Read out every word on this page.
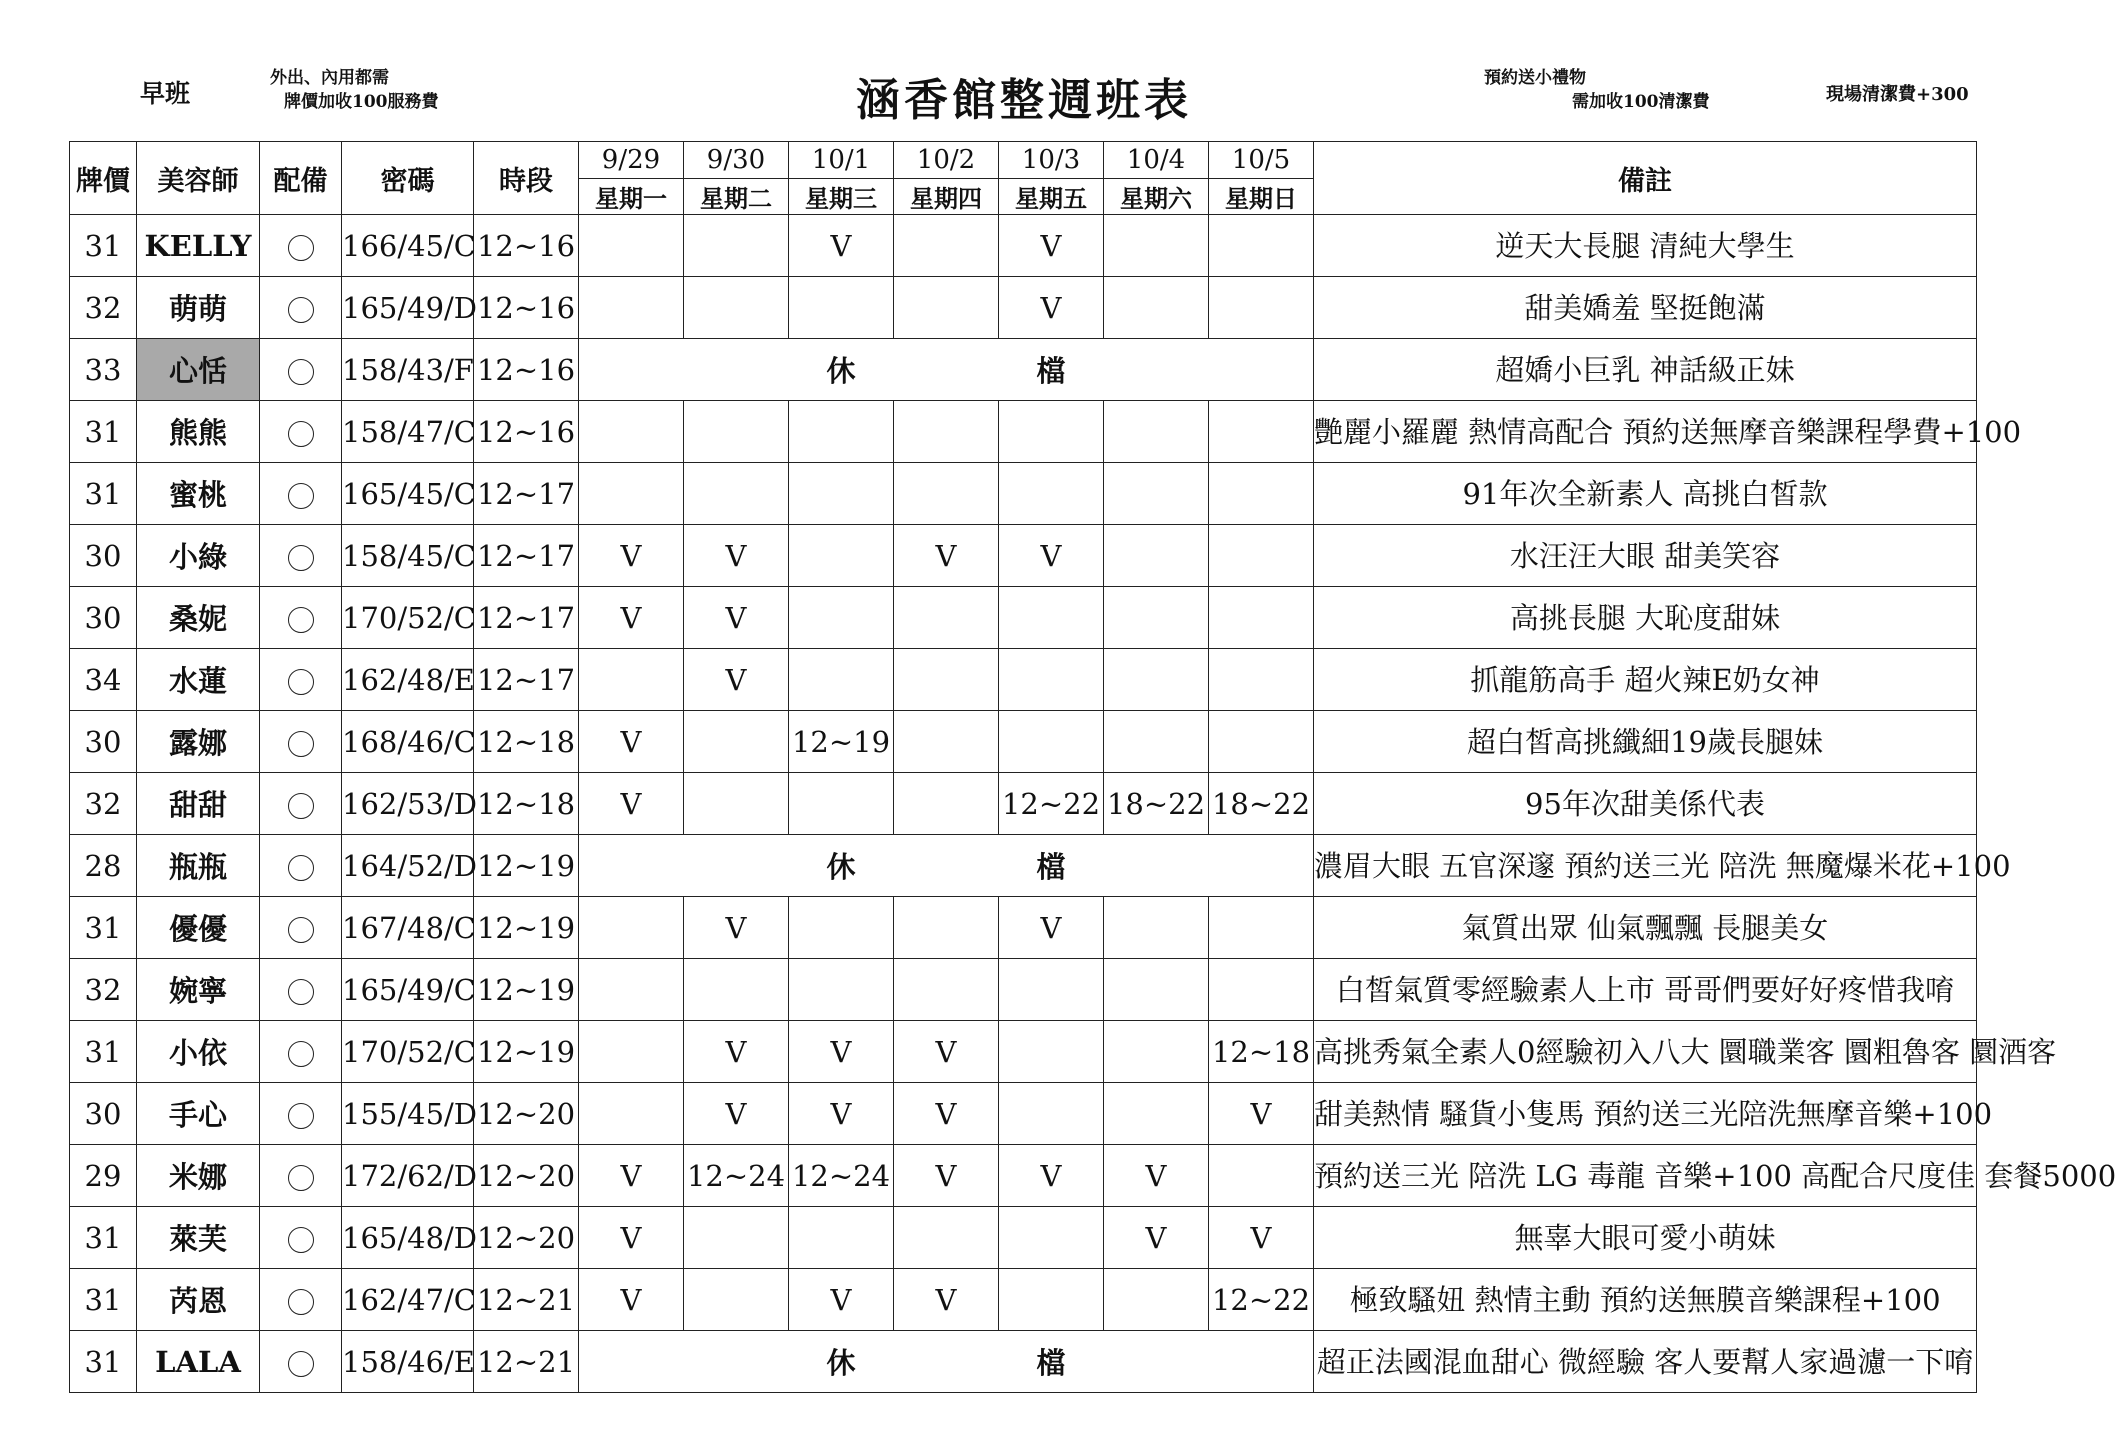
早班
外出、內用都需
牌價加收100服務費	涵香館整週班表	預約送小禮物
需加收100清潔費	現場清潔費+300
牌價	美容師	配備	密碼	時段	9/29	9/30	10/1	10/2	10/3	10/4	10/5	備註
					星期一	星期二	星期三	星期四	星期五	星期六	星期日	
31	KELLY		166/45/C	12~16			V		V			逆天大長腿 清純大學生
32	萌萌		165/49/D	12~16					V			甜美嬌羞 堅挺飽滿
33	心恬		158/43/F	12~16			休		檔			超嬌小巨乳 神話級正妹
31	熊熊		158/47/C	12~16								艷麗小羅麗 熱情高配合 預約送無摩音樂課程學費+100
31	蜜桃		165/45/C	12~17								91年次全新素人 高挑白皙款
30	小綠		158/45/C	12~17	V	V		V	V			水汪汪大眼 甜美笑容
30	桑妮		170/52/C	12~17	V	V						高挑長腿 大恥度甜妹
34	水蓮		162/48/E	12~17		V						抓龍筋高手 超火辣E奶女神
30	露娜		168/46/C	12~18	V		12~19					超白皙高挑纖細19歲長腿妹
32	甜甜		162/53/D	12~18	V				12~22	18~22	18~22	95年次甜美係代表
28	瓶瓶		164/52/D	12~19			休		檔			濃眉大眼 五官深邃 預約送三光 陪洗 無魔爆米花+100
31	優優		167/48/C	12~19		V			V			氣質出眾 仙氣飄飄 長腿美女
32	婉寧		165/49/C	12~19								白皙氣質零經驗素人上市 哥哥們要好好疼惜我唷
31	小依		170/52/C	12~19		V	V	V			12~18	高挑秀氣全素人0經驗初入八大 圜職業客 圜粗魯客 圜酒客
30	手心		155/45/D	12~20		V	V	V			V	甜美熱情 騷貨小隻馬 預約送三光陪洗無摩音樂+100
29	米娜		172/62/D	12~20	V	12~24	12~24	V	V	V		預約送三光 陪洗 LG 毒龍 音樂+100 高配合尺度佳 套餐5000
31	萊芙		165/48/D	12~20	V					V	V	無辜大眼可愛小萌妹
31	芮恩		162/47/C	12~21	V		V	V			12~22	極致騷妞 熱情主動 預約送無膜音樂課程+100
31	LALA		158/46/E	12~21			休		檔			超正法國混血甜心 微經驗 客人要幫人家過濾一下唷
